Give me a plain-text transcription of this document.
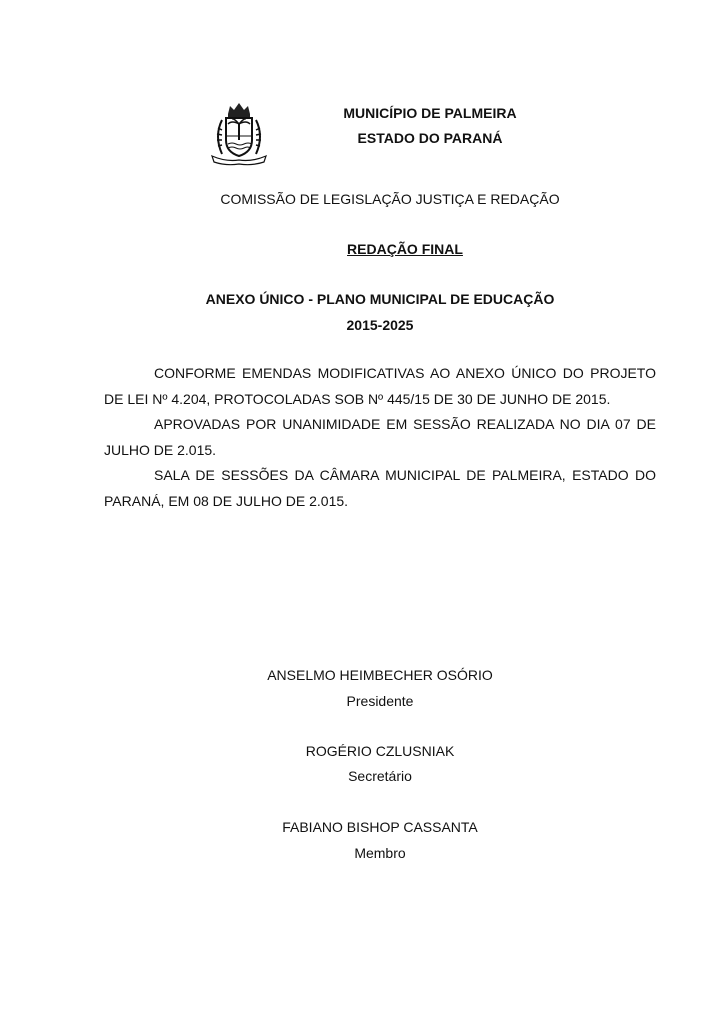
MUNICÍPIO DE PALMEIRA
ESTADO DO PARANÁ
COMISSÃO DE LEGISLAÇÃO JUSTIÇA E REDAÇÃO
REDAÇÃO FINAL
ANEXO ÚNICO - PLANO MUNICIPAL DE EDUCAÇÃO
2015-2025

CONFORME EMENDAS MODIFICATIVAS AO ANEXO ÚNICO DO PROJETO DE LEI Nº 4.204, PROTOCOLADAS SOB Nº 445/15 DE 30 DE JUNHO DE 2015.

APROVADAS POR UNANIMIDADE EM SESSÃO REALIZADA NO DIA 07 DE JULHO DE 2.015.

SALA DE SESSÕES DA CÂMARA MUNICIPAL DE PALMEIRA, ESTADO DO PARANÁ, EM 08 DE JULHO DE 2.015.

ANSELMO HEIMBECHER OSÓRIO
Presidente
ROGÉRIO CZLUSNIAK
Secretário
FABIANO BISHOP CASSANTA
Membro
